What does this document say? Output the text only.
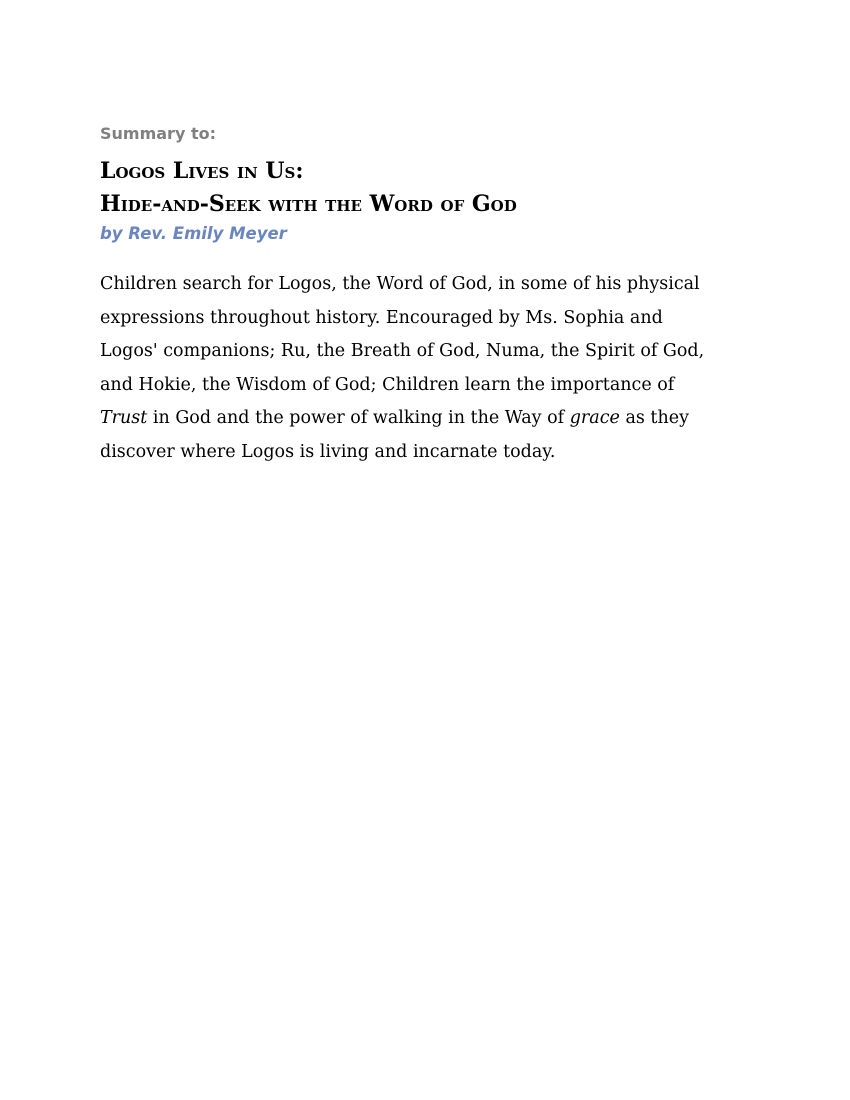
Summary to:
Logos Lives in Us:
Hide-and-Seek with the Word of God
by Rev. Emily Meyer
Children search for Logos, the Word of God, in some of his physical
expressions throughout history. Encouraged by Ms. Sophia and
Logos' companions; Ru, the Breath of God, Numa, the Spirit of God,
and Hokie, the Wisdom of God; Children learn the importance of
Trust in God and the power of walking in the Way of grace as they
discover where Logos is living and incarnate today.
